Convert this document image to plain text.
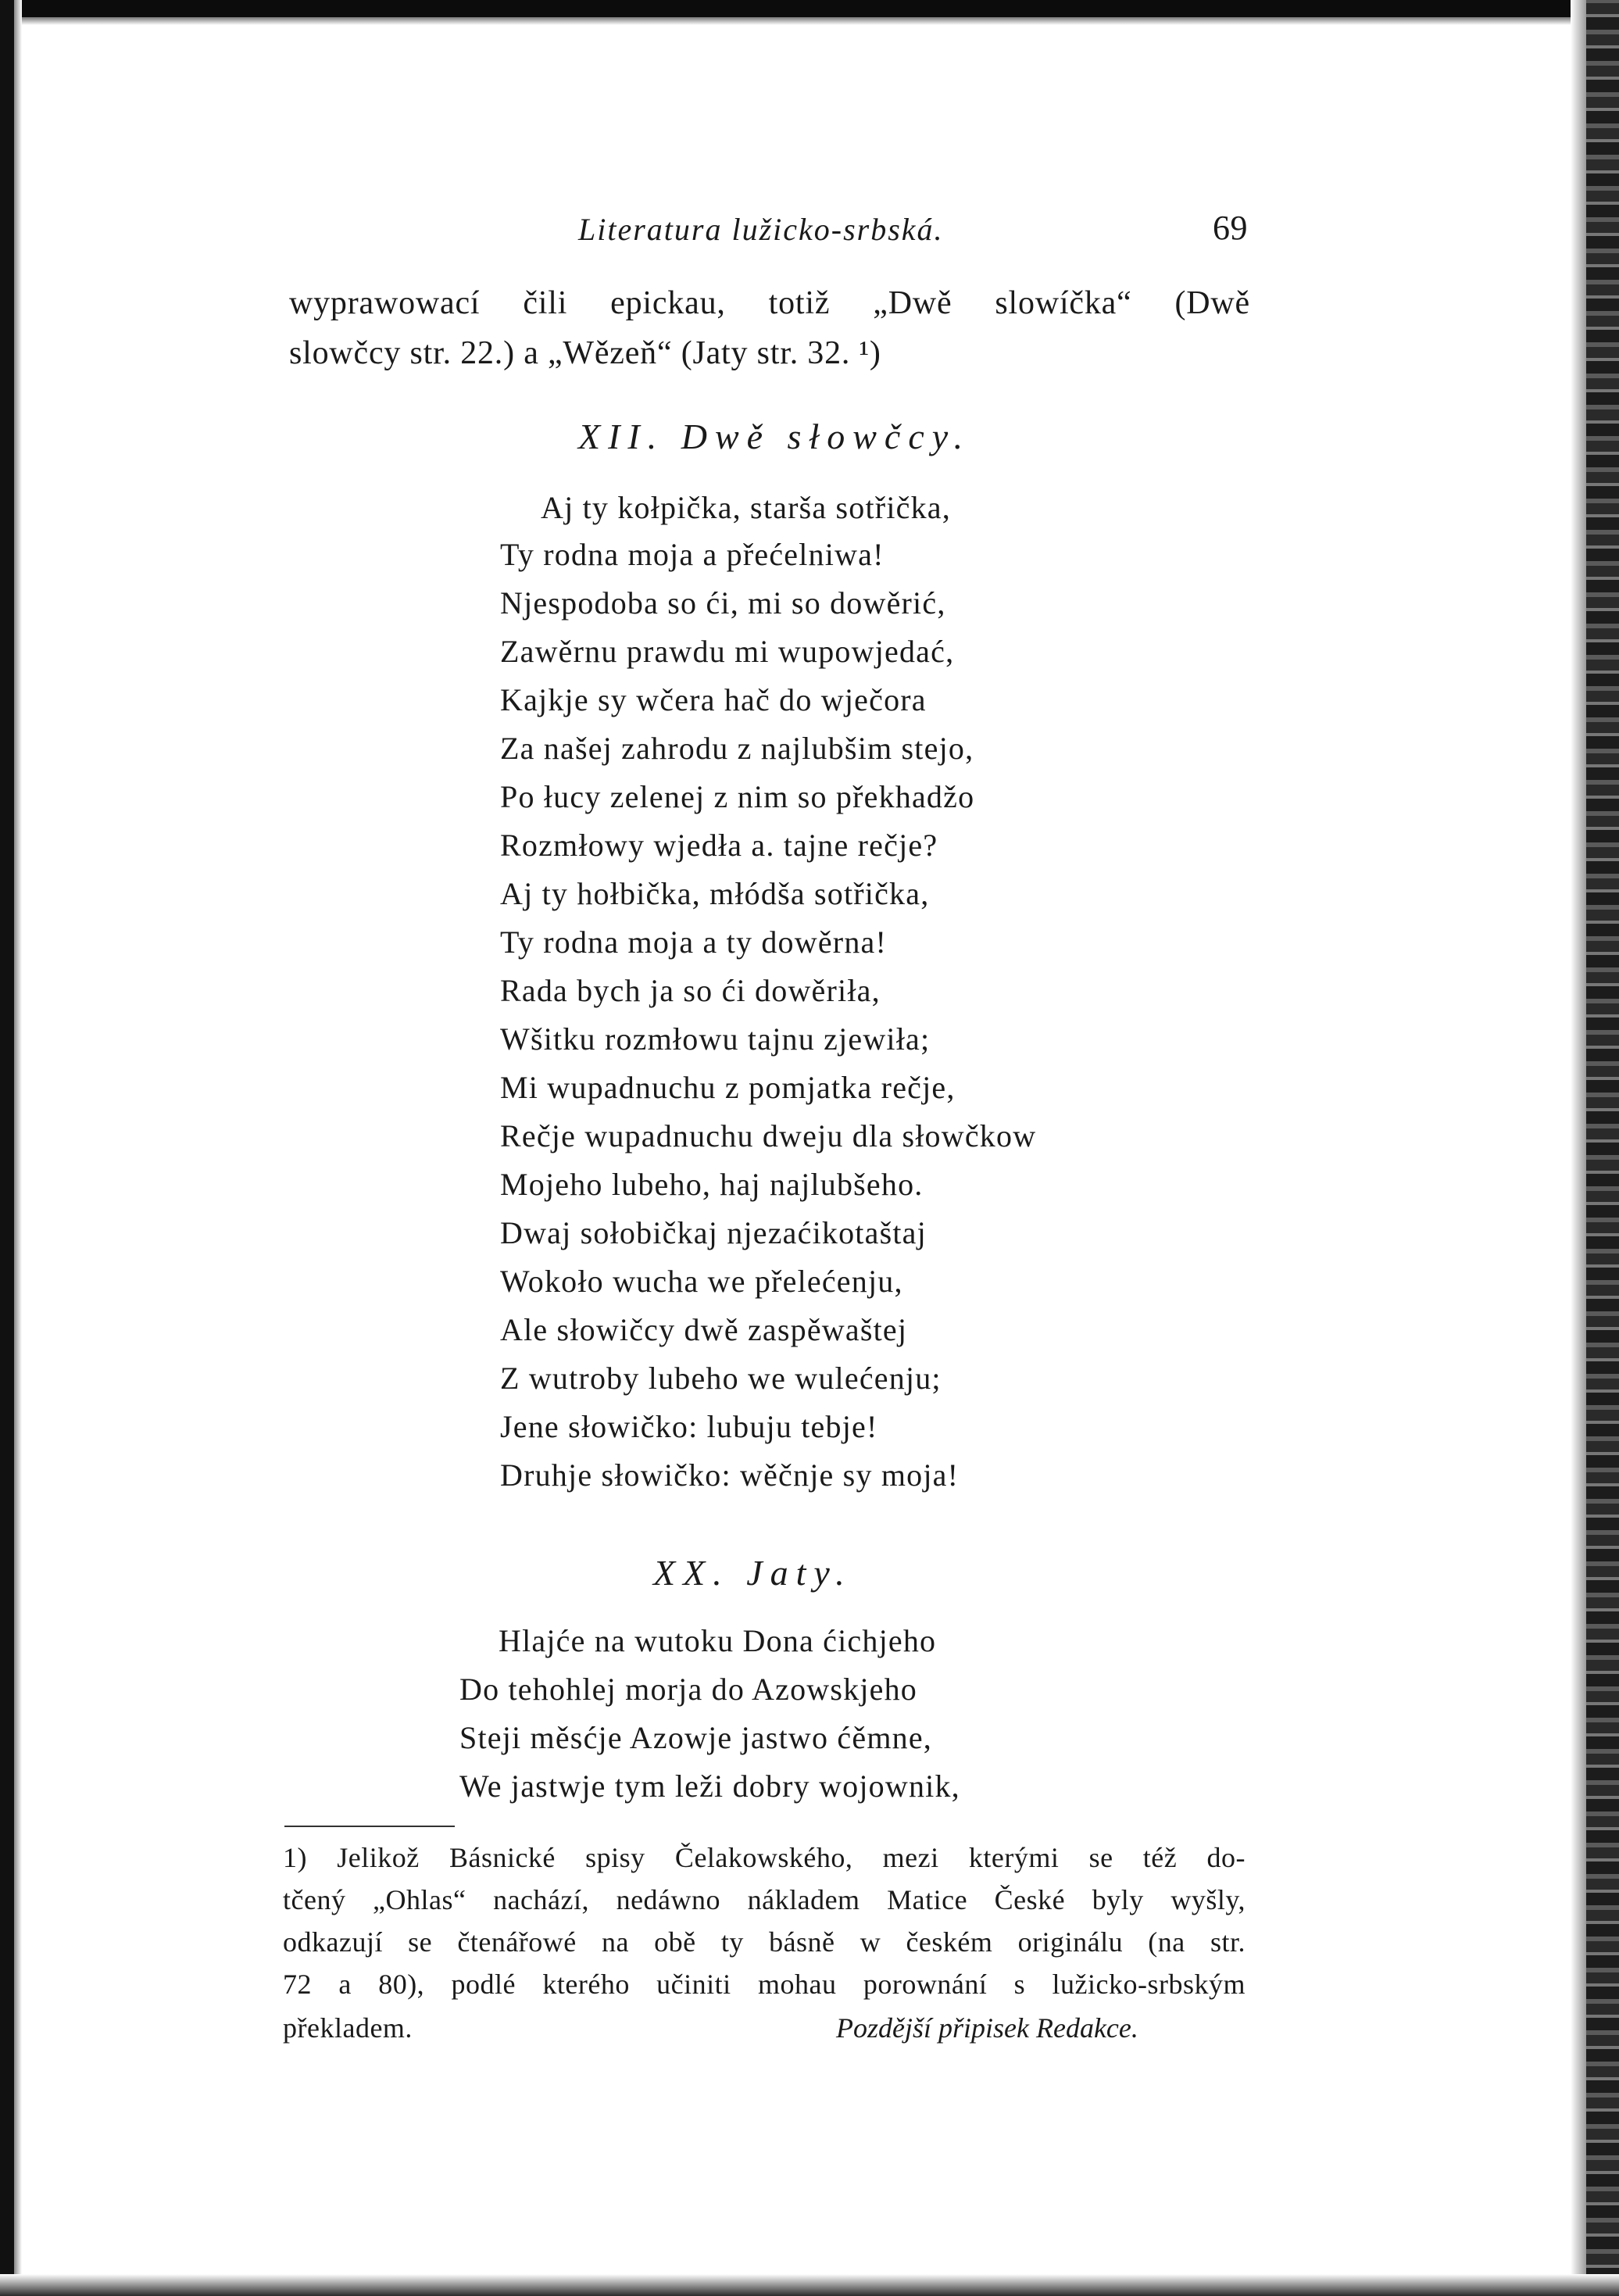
Literatura lužicko-srbská.	69
wyprawowací čili epickau, totiž „Dwě slowíčka“ (Dwě
slowčcy str. 22.) a „Wězeň“ (Jaty str. 32. ¹)
XII. Dwě słowčcy.
Aj ty kołpička, starša sotřička,
Ty rodna moja a přećelniwa!
Njespodoba so ći, mi so dowěrić,
Zawěrnu prawdu mi wupowjedać,
Kajkje sy wčera hač do wječora
Za našej zahrodu z najlubšim stejo,
Po łucy zelenej z nim so překhadžo
Rozmłowy wjedła a. tajne rečje?
Aj ty hołbička, młódša sotřička,
Ty rodna moja a ty dowěrna!
Rada bych ja so ći dowěriła,
Wšitku rozmłowu tajnu zjewiła;
Mi wupadnuchu z pomjatka rečje,
Rečje wupadnuchu dweju dla słowčkow
Mojeho lubeho, haj najlubšeho.
Dwaj sołobičkaj njezaćikotaštaj
Wokoło wucha we přelećenju,
Ale słowičcy dwě zaspěwaštej
Z wutroby lubeho we wulećenju;
Jene słowičko: lubuju tebje!
Druhje słowičko: wěčnje sy moja!
XX. Jaty.
Hlajće na wutoku Dona ćichjeho
Do tehohlej morja do Azowskjeho
Steji měsćje Azowje jastwo ćěmne,
We jastwje tym leži dobry wojownik,
1) Jelikož Básnické spisy Čelakowského, mezi kterými se též do-
tčený „Ohlas“ nachází, nedáwno nákladem Matice České byly wyšly,
odkazují se čtenářowé na obě ty básně w českém originálu (na str.
72 a 80), podlé kterého učiniti mohau porownání s lužicko-srbským
překladem.	Pozdější připisek Redakce.
